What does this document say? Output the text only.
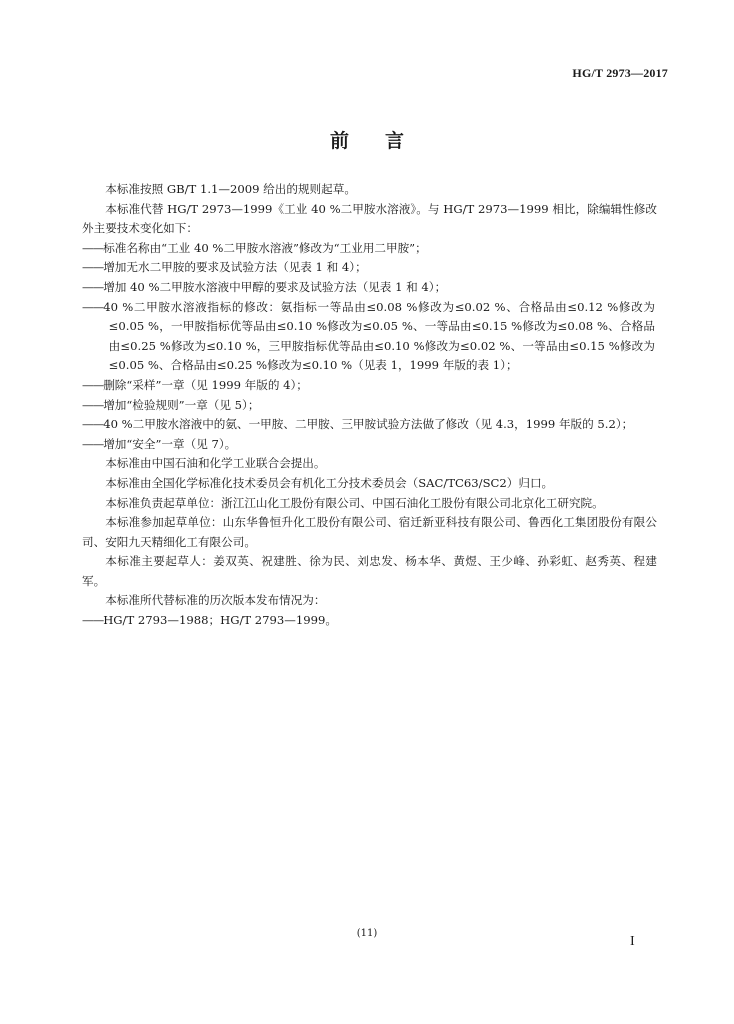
HG/T 2973—2017
前言

本标准按照 GB/T 1.1—2009 给出的规则起草。

本标准代替 HG/T 2973—1999《工业 40 %二甲胺水溶液》。与 HG/T 2973—1999 相比，除编辑性修改外主要技术变化如下：

——标准名称由“工业 40 %二甲胺水溶液”修改为“工业用二甲胺”；

——增加无水二甲胺的要求及试验方法（见表 1 和 4）；

——增加 40 %二甲胺水溶液中甲醇的要求及试验方法（见表 1 和 4）；

——40 %二甲胺水溶液指标的修改：氨指标一等品由≤0.08 %修改为≤0.02 %、合格品由≤0.12 %修改为≤0.05 %，一甲胺指标优等品由≤0.10 %修改为≤0.05 %、一等品由≤0.15 %修改为≤0.08 %、合格品由≤0.25 %修改为≤0.10 %，三甲胺指标优等品由≤0.10 %修改为≤0.02 %、一等品由≤0.15 %修改为≤0.05 %、合格品由≤0.25 %修改为≤0.10 %（见表 1，1999 年版的表 1）；

——删除“采样”一章（见 1999 年版的 4）；

——增加“检验规则”一章（见 5）；

——40 %二甲胺水溶液中的氨、一甲胺、二甲胺、三甲胺试验方法做了修改（见 4.3，1999 年版的 5.2）；

——增加“安全”一章（见 7）。

本标准由中国石油和化学工业联合会提出。

本标准由全国化学标准化技术委员会有机化工分技术委员会（SAC/TC63/SC2）归口。

本标准负责起草单位：浙江江山化工股份有限公司、中国石油化工股份有限公司北京化工研究院。

本标准参加起草单位：山东华鲁恒升化工股份有限公司、宿迁新亚科技有限公司、鲁西化工集团股份有限公司、安阳九天精细化工有限公司。

本标准主要起草人：姜双英、祝建胜、徐为民、刘忠发、杨本华、黄煜、王少峰、孙彩虹、赵秀英、程建军。

本标准所代替标准的历次版本发布情况为：

——HG/T 2793—1988；HG/T 2793—1999。

(11)
I
